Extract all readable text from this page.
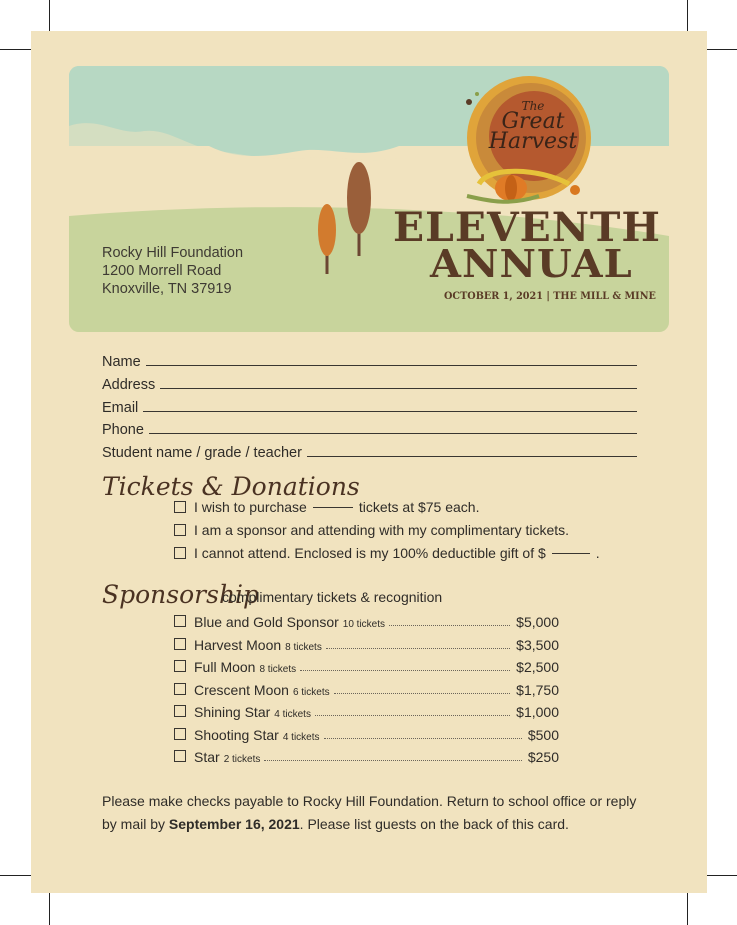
The
Great
Harvest
Rocky Hill Foundation
1200 Morrell Road
Knoxville, TN 37919
ELEVENTH
ANNUAL
OCTOBER 1, 2021 | THE MILL & MINE
Name
Address
Email
Phone
Student name / grade / teacher
Tickets & Donations
I wish to purchase	tickets at $75 each.
I am a sponsor and attending with my complimentary tickets.
I cannot attend. Enclosed is my 100% deductible gift of $	.
Sponsorship
complimentary tickets & recognition
Blue and Gold Sponsor 10 tickets	$5,000
Harvest Moon 8 tickets	$3,500
Full Moon 8 tickets	$2,500
Crescent Moon 6 tickets	$1,750
Shining Star 4 tickets	$1,000
Shooting Star 4 tickets	$500
Star 2 tickets	$250
Please make checks payable to Rocky Hill Foundation. Return to school office or reply by mail by September 16, 2021. Please list guests on the back of this card.
